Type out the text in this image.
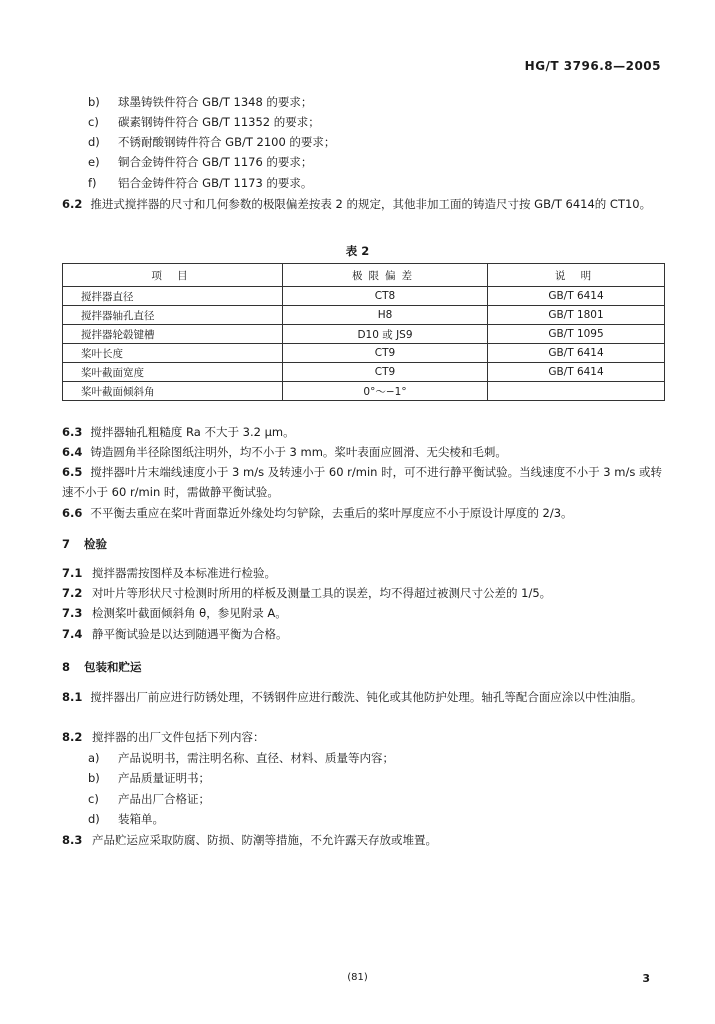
HG/T 3796.8—2005
b) 球墨铸铁件符合 GB/T 1348 的要求；
c) 碳素钢铸件符合 GB/T 11352 的要求；
d) 不锈耐酸钢铸件符合 GB/T 2100 的要求；
e) 铜合金铸件符合 GB/T 1176 的要求；
f) 铝合金铸件符合 GB/T 1173 的要求。
6.2 推进式搅拌器的尺寸和几何参数的极限偏差按表 2 的规定，其他非加工面的铸造尺寸按 GB/T 6414的 CT10。
表 2
项 目	极限偏差	说 明
搅拌器直径	CT8	GB/T 6414
搅拌器轴孔直径	H8	GB/T 1801
搅拌器轮毂键槽	D10 或 JS9	GB/T 1095
桨叶长度	CT9	GB/T 6414
桨叶截面宽度	CT9	GB/T 6414
桨叶截面倾斜角	0°～−1°	
6.3 搅拌器轴孔粗糙度 Ra 不大于 3.2 μm。
6.4 铸造圆角半径除图纸注明外，均不小于 3 mm。桨叶表面应圆滑、无尖棱和毛刺。
6.5 搅拌器叶片末端线速度小于 3 m/s 及转速小于 60 r/min 时，可不进行静平衡试验。当线速度不小于 3 m/s 或转速不小于 60 r/min 时，需做静平衡试验。
6.6 不平衡去重应在桨叶背面靠近外缘处均匀铲除，去重后的桨叶厚度应不小于原设计厚度的 2/3。
7 检验
7.1 搅拌器需按图样及本标准进行检验。
7.2 对叶片等形状尺寸检测时所用的样板及测量工具的误差，均不得超过被测尺寸公差的 1/5。
7.3 检测桨叶截面倾斜角 θ，参见附录 A。
7.4 静平衡试验是以达到随遇平衡为合格。
8 包装和贮运
8.1 搅拌器出厂前应进行防锈处理，不锈钢件应进行酸洗、钝化或其他防护处理。轴孔等配合面应涂以中性油脂。
8.2 搅拌器的出厂文件包括下列内容：
a) 产品说明书，需注明名称、直径、材料、质量等内容；
b) 产品质量证明书；
c) 产品出厂合格证；
d) 装箱单。
8.3 产品贮运应采取防腐、防损、防潮等措施，不允许露天存放或堆置。
(81)	3
